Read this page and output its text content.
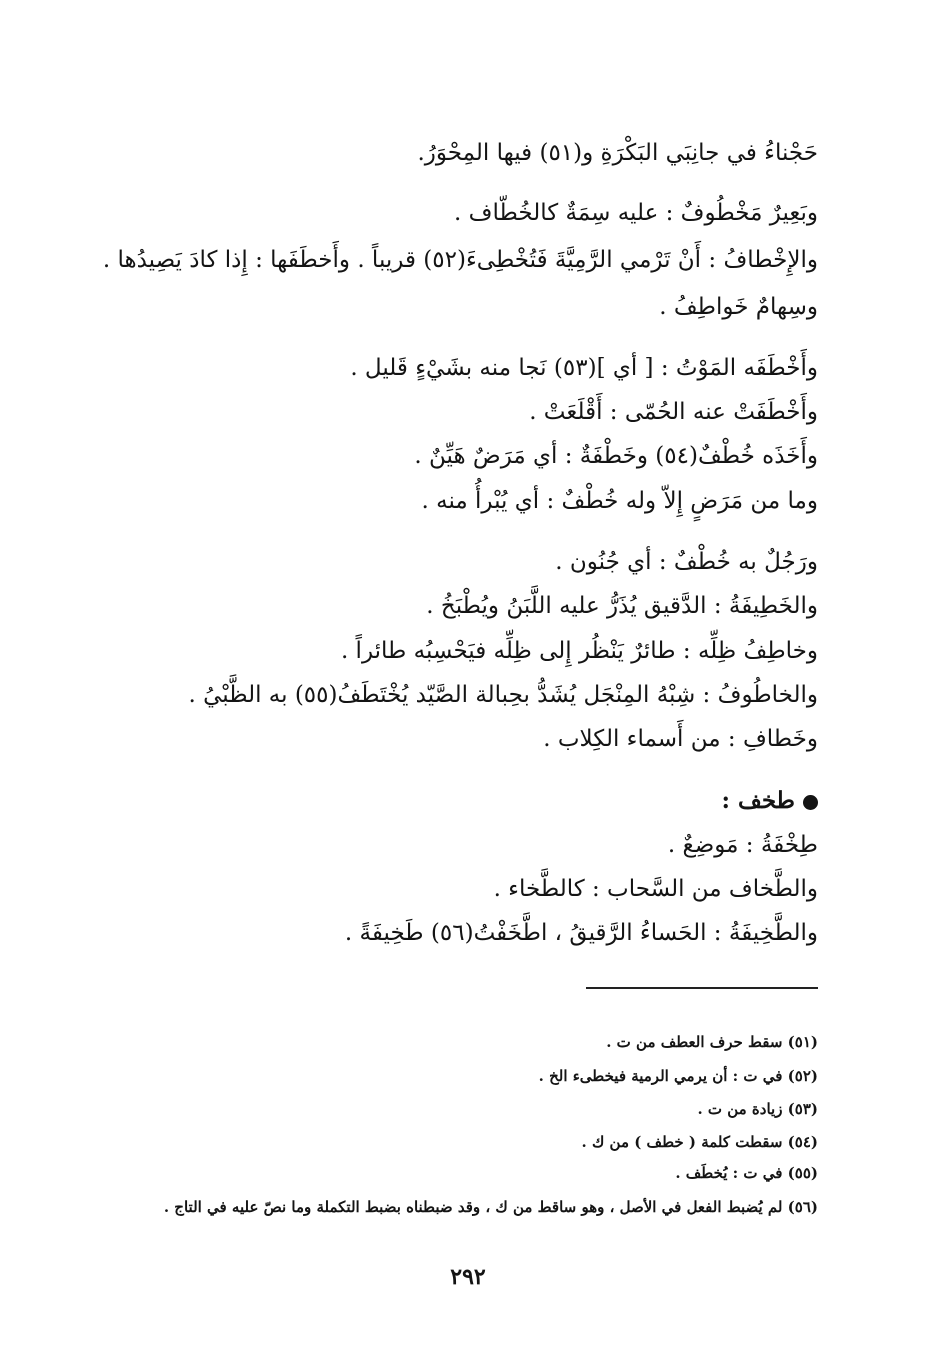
حَجْناءُ في جانِبَي البَكْرَةِ و(٥١) فيها المِحْوَرُ.
وبَعِيرٌ مَخْطُوفٌ : عليه سِمَةٌ كالخُطّاف .
والإِخْطافُ : أَنْ تَرْمي الرَّمِيَّةَ فَتُخْطِىءَ(٥٢) قريباً . وأَخطَفَها : إِذا كادَ يَصِيدُها .
وسِهامٌ خَواطِفُ .
وأَخْطَفَه المَوْتُ : [ أي ](٥٣) نَجا منه بشَيْءٍ قَليل .
وأَخْطَفَتْ عنه الحُمّى : أَقْلَعَتْ .
وأَخَذَه خُطْفٌ(٥٤) وخَطْفَةٌ : أي مَرَضٌ هَيِّنٌ .
وما من مَرَضٍ إِلاّ وله خُطْفٌ : أي يُبْرأُ منه .
ورَجُلٌ به خُطْفٌ : أي جُنُون .
والخَطِيفَةُ : الدَّقيق يُذَرُّ عليه اللَّبَنُ ويُطْبَخُ .
وخاطِفُ ظِلِّه : طائرٌ يَنْظُر إِلى ظِلِّه فيَحْسِبُه طائراً .
والخاطُوفُ : شِبْهُ المِنْجَل يُشَدُّ بحِبالة الصَّيّد يُخْتَطَفُ(٥٥) به الظَّبْيُ .
وخَطافِ : من أَسماء الكِلاب .
طخف :
طِخْفَةُ : مَوضِعٌ .
والطَّخاف من السَّحاب : كالطَّخاء .
والطَّخِيفَةُ : الحَساءُ الرَّقيقُ ، اطَّخَفْتُ(٥٦) طَخِيفَةً .
(٥١) سقط حرف العطف من ت .
(٥٢) في ت : أن يرمي الرمية فيخطىء الخ .
(٥٣) زيادة من ت .
(٥٤) سقطت كلمة ( خطف ) من ك .
(٥٥) في ت : يُخطَف .
(٥٦) لم يُضبط الفعل في الأصل ، وهو ساقط من ك ، وقد ضبطناه بضبط التكملة وما نصّ عليه في التاج .
٢٩٢
